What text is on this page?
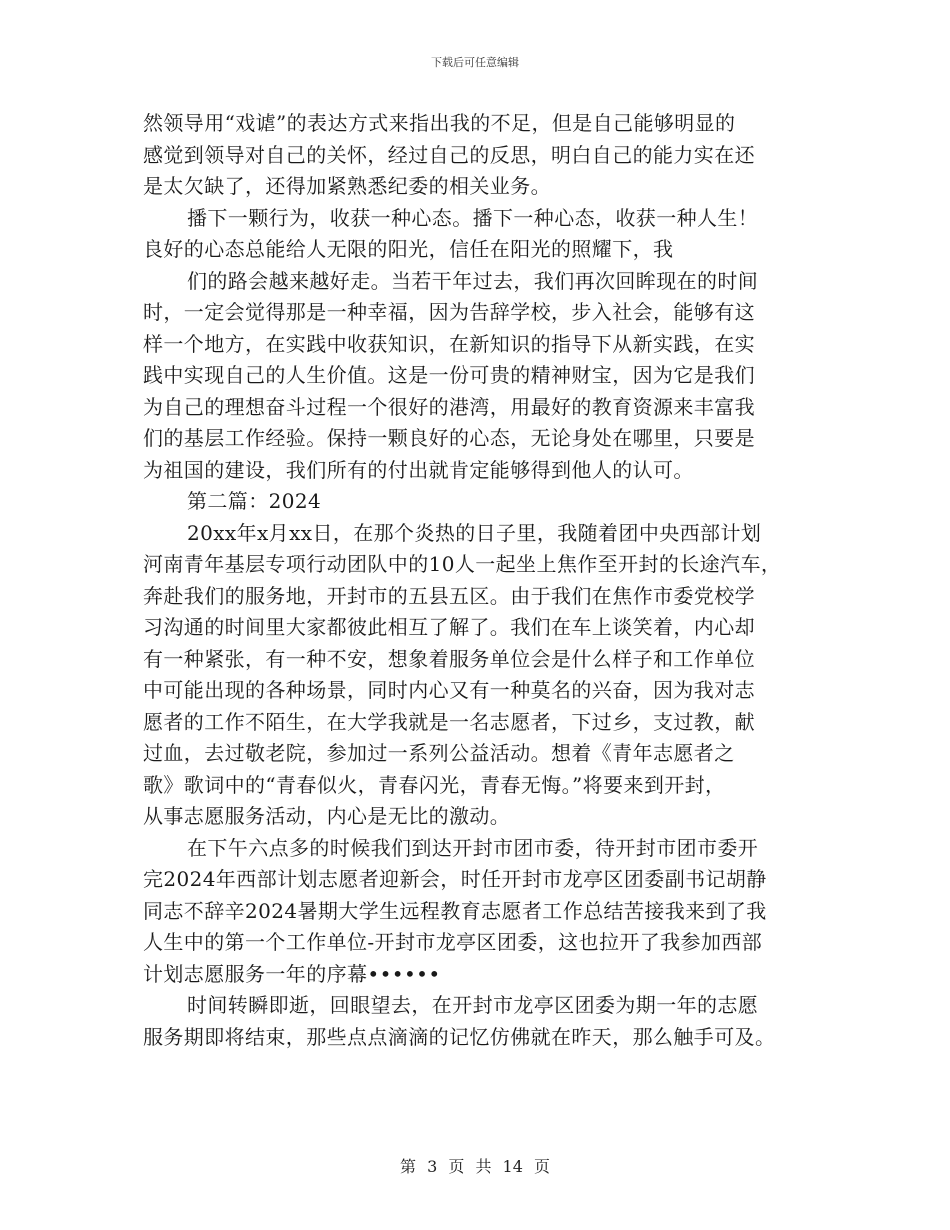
下载后可任意编辑
然领导用“戏谑”的表达方式来指出我的不足，但是自己能够明显的
感觉到领导对自己的关怀，经过自己的反思，明白自己的能力实在还
是太欠缺了，还得加紧熟悉纪委的相关业务。
播下一颗行为，收获一种心态。播下一种心态，收获一种人生！
良好的心态总能给人无限的阳光，信任在阳光的照耀下，我
们的路会越来越好走。当若干年过去，我们再次回眸现在的时间
时，一定会觉得那是一种幸福，因为告辞学校，步入社会，能够有这
样一个地方，在实践中收获知识，在新知识的指导下从新实践，在实
践中实现自己的人生价值。这是一份可贵的精神财宝，因为它是我们
为自己的理想奋斗过程一个很好的港湾，用最好的教育资源来丰富我
们的基层工作经验。保持一颗良好的心态，无论身处在哪里，只要是
为祖国的建设，我们所有的付出就肯定能够得到他人的认可。
第二篇：2024
20xx年x月xx日，在那个炎热的日子里，我随着团中央西部计划
河南青年基层专项行动团队中的10人一起坐上焦作至开封的长途汽车，
奔赴我们的服务地，开封市的五县五区。由于我们在焦作市委党校学
习沟通的时间里大家都彼此相互了解了。我们在车上谈笑着，内心却
有一种紧张，有一种不安，想象着服务单位会是什么样子和工作单位
中可能出现的各种场景，同时内心又有一种莫名的兴奋，因为我对志
愿者的工作不陌生，在大学我就是一名志愿者，下过乡，支过教，献
过血，去过敬老院，参加过一系列公益活动。想着《青年志愿者之
歌》歌词中的“青春似火，青春闪光，青春无悔。”将要来到开封，
从事志愿服务活动，内心是无比的激动。
在下午六点多的时候我们到达开封市团市委，待开封市团市委开
完2024年西部计划志愿者迎新会，时任开封市龙亭区团委副书记胡静
同志不辞辛2024暑期大学生远程教育志愿者工作总结苦接我来到了我
人生中的第一个工作单位-开封市龙亭区团委，这也拉开了我参加西部
计划志愿服务一年的序幕••••••
时间转瞬即逝，回眼望去，在开封市龙亭区团委为期一年的志愿
服务期即将结束，那些点点滴滴的记忆仿佛就在昨天，那么触手可及。
第 3 页 共 14 页
